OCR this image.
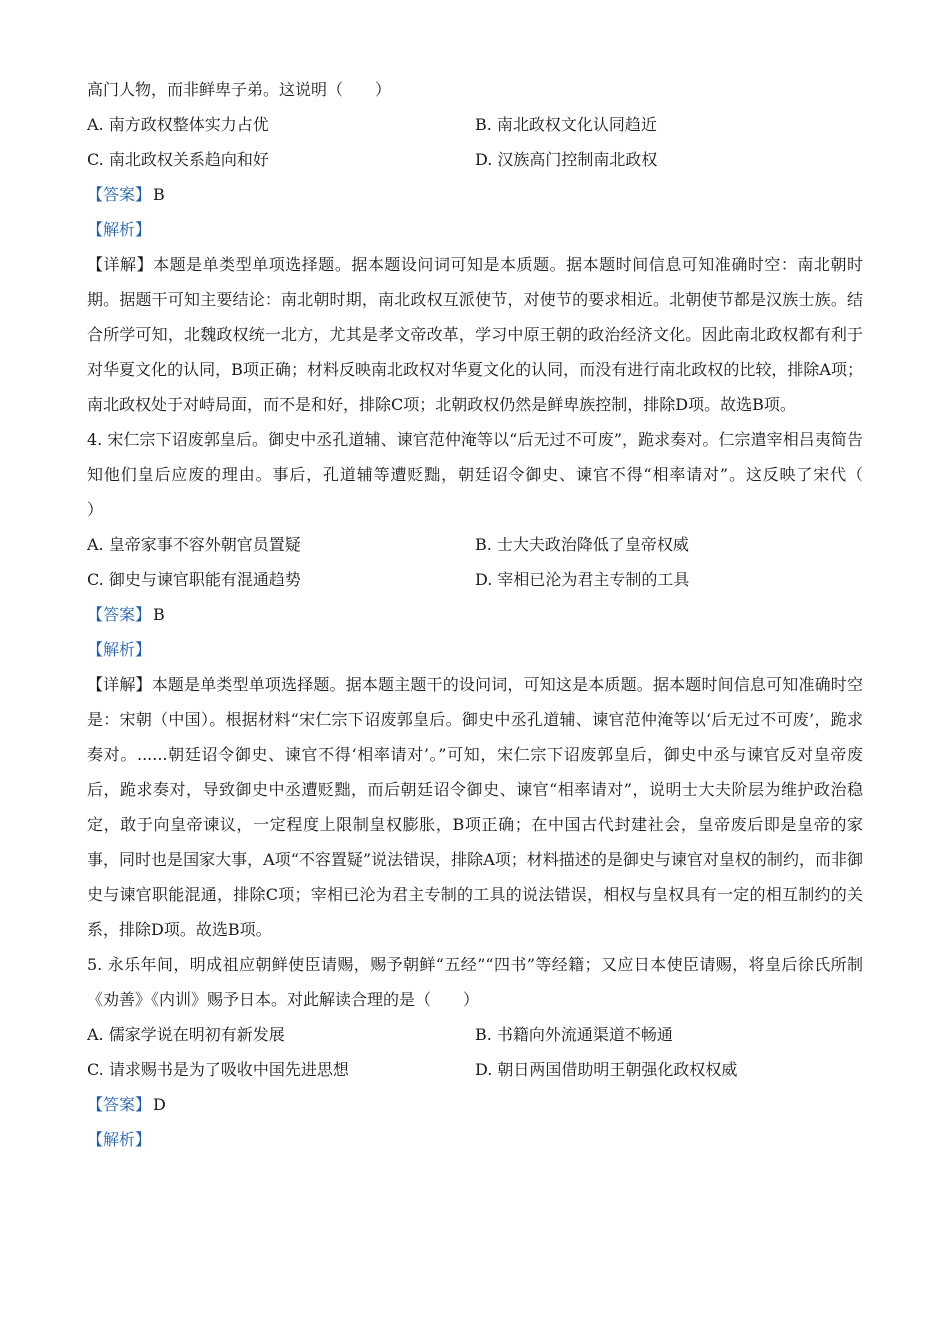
高门人物，而非鲜卑子弟。这说明（　　）
A. 南方政权整体实力占优	B. 南北政权文化认同趋近
C. 南北政权关系趋向和好	D. 汉族高门控制南北政权
【答案】 B
【解析】
【详解】本题是单类型单项选择题。据本题设问词可知是本质题。据本题时间信息可知准确时空：南北朝时期。据题干可知主要结论：南北朝时期，南北政权互派使节，对使节的要求相近。北朝使节都是汉族士族。结合所学可知，北魏政权统一北方，尤其是孝文帝改革，学习中原王朝的政治经济文化。因此南北政权都有利于对华夏文化的认同，B项正确；材料反映南北政权对华夏文化的认同，而没有进行南北政权的比较，排除A项；南北政权处于对峙局面，而不是和好，排除C项；北朝政权仍然是鲜卑族控制，排除D项。故选B项。
4. 宋仁宗下诏废郭皇后。御史中丞孔道辅、谏官范仲淹等以“后无过不可废”，跪求奏对。仁宗遣宰相吕夷简告知他们皇后应废的理由。事后，孔道辅等遭贬黜，朝廷诏令御史、谏官不得“相率请对”。这反映了宋代（　　）
A. 皇帝家事不容外朝官员置疑	B. 士大夫政治降低了皇帝权威
C. 御史与谏官职能有混通趋势	D. 宰相已沦为君主专制的工具
【答案】 B
【解析】
【详解】本题是单类型单项选择题。据本题主题干的设问词，可知这是本质题。据本题时间信息可知准确时空是：宋朝（中国）。根据材料“宋仁宗下诏废郭皇后。御史中丞孔道辅、谏官范仲淹等以‘后无过不可废’，跪求奏对。......朝廷诏令御史、谏官不得‘相率请对’。”可知，宋仁宗下诏废郭皇后，御史中丞与谏官反对皇帝废后，跪求奏对，导致御史中丞遭贬黜，而后朝廷诏令御史、谏官“相率请对”，说明士大夫阶层为维护政治稳定，敢于向皇帝谏议，一定程度上限制皇权膨胀，B项正确；在中国古代封建社会，皇帝废后即是皇帝的家事，同时也是国家大事，A项“不容置疑”说法错误，排除A项；材料描述的是御史与谏官对皇权的制约，而非御史与谏官职能混通，排除C项；宰相已沦为君主专制的工具的说法错误，相权与皇权具有一定的相互制约的关系，排除D项。故选B项。
5. 永乐年间，明成祖应朝鲜使臣请赐，赐予朝鲜“五经”“四书”等经籍；又应日本使臣请赐，将皇后徐氏所制《劝善》《内训》赐予日本。对此解读合理的是（　　）
A. 儒家学说在明初有新发展	B. 书籍向外流通渠道不畅通
C. 请求赐书是为了吸收中国先进思想	D. 朝日两国借助明王朝强化政权权威
【答案】 D
【解析】
